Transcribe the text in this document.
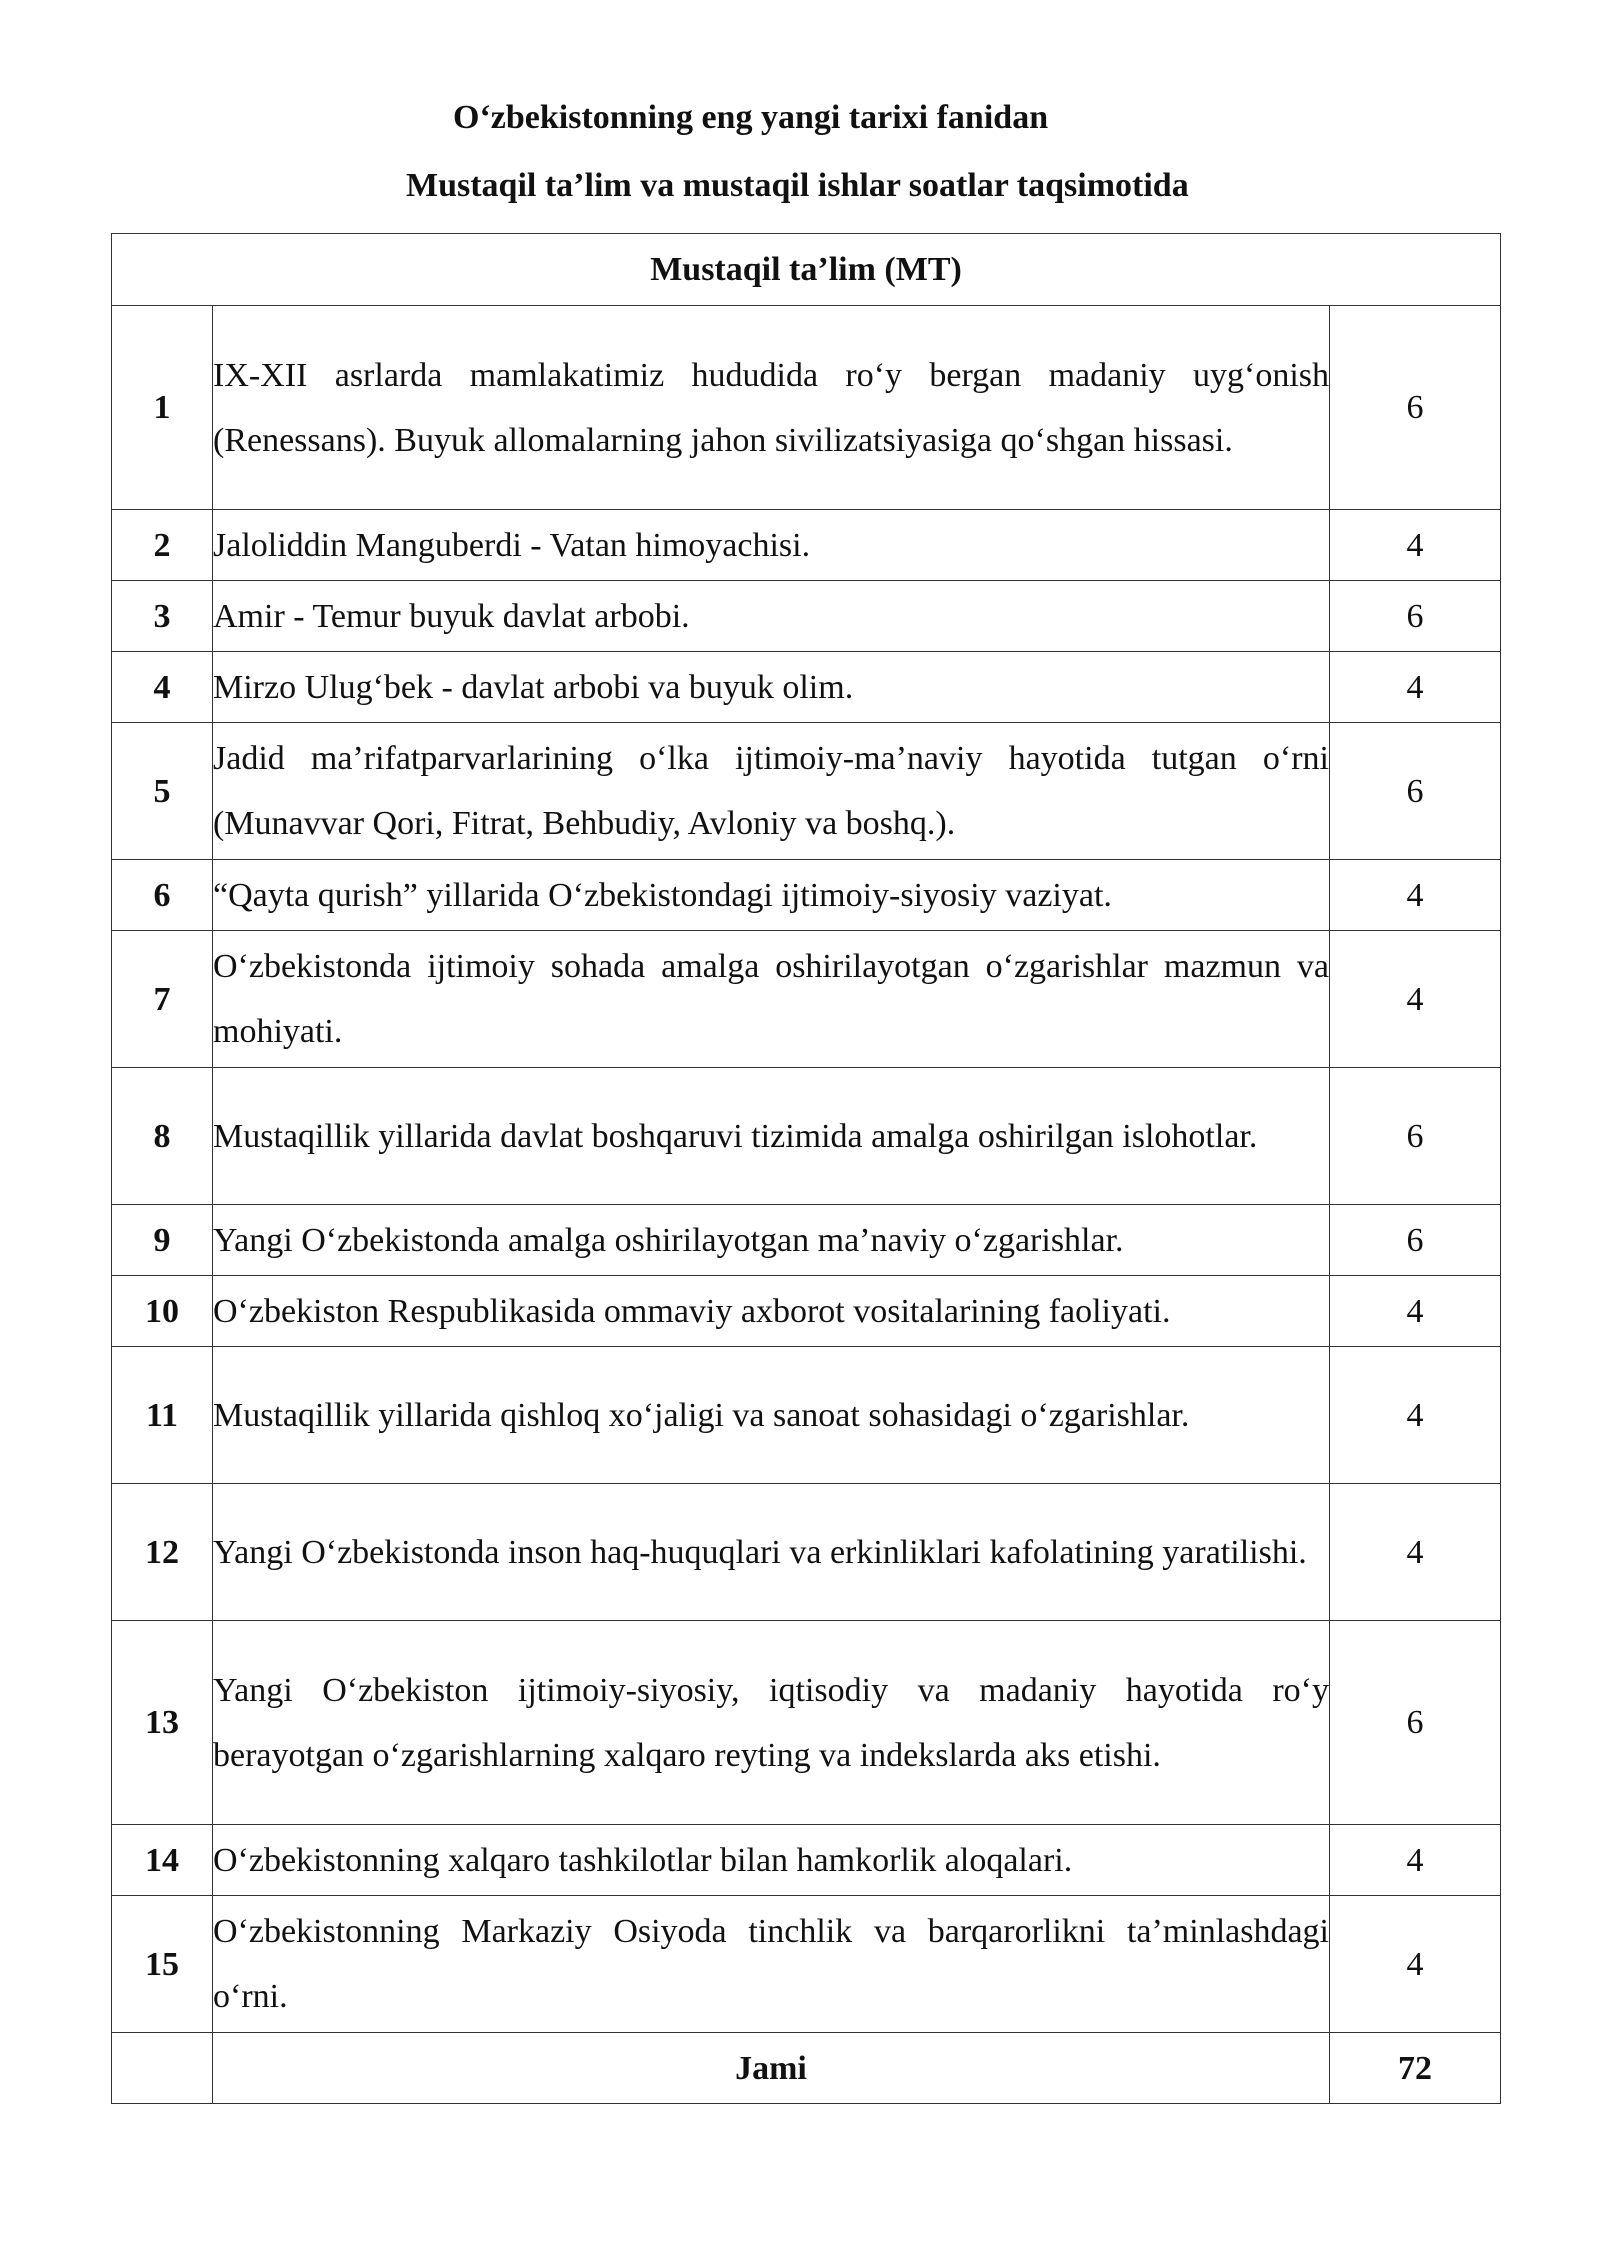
O‘zbekistonning eng yangi tarixi fanidan
Mustaqil ta’lim va mustaqil ishlar soatlar taqsimotida
Mustaqil ta’lim (MT)		
1	IX-XII asrlarda mamlakatimiz hududida ro‘y bergan madaniy uyg‘onish (Renessans). Buyuk allomalarning jahon sivilizatsiyasiga qo‘shgan hissasi.	6
2	Jaloliddin Manguberdi - Vatan himoyachisi.	4
3	Amir - Temur buyuk davlat arbobi.	6
4	Mirzo Ulug‘bek - davlat arbobi va buyuk olim.	4
5	Jadid ma’rifatparvarlarining o‘lka ijtimoiy-ma’naviy hayotida tutgan o‘rni (Munavvar Qori, Fitrat, Behbudiy, Avloniy va boshq.).	6
6	“Qayta qurish” yillarida O‘zbekistondagi ijtimoiy-siyosiy vaziyat.	4
7	O‘zbekistonda ijtimoiy sohada amalga oshirilayotgan o‘zgarishlar mazmun va mohiyati.	4
8	Mustaqillik yillarida davlat boshqaruvi tizimida amalga oshirilgan islohotlar.	6
9	Yangi O‘zbekistonda amalga oshirilayotgan ma’naviy o‘zgarishlar.	6
10	O‘zbekiston Respublikasida ommaviy axborot vositalarining faoliyati.	4
11	Mustaqillik yillarida qishloq xo‘jaligi va sanoat sohasidagi o‘zgarishlar.	4
12	Yangi O‘zbekistonda inson haq-huquqlari va erkinliklari kafolatining yaratilishi.	4
13	Yangi O‘zbekiston ijtimoiy-siyosiy, iqtisodiy va madaniy hayotida ro‘y berayotgan o‘zgarishlarning xalqaro reyting va indekslarda aks etishi.	6
14	O‘zbekistonning xalqaro tashkilotlar bilan hamkorlik aloqalari.	4
15	O‘zbekistonning Markaziy Osiyoda tinchlik va barqarorlikni ta’minlashdagi o‘rni.	4
	Jami	72
